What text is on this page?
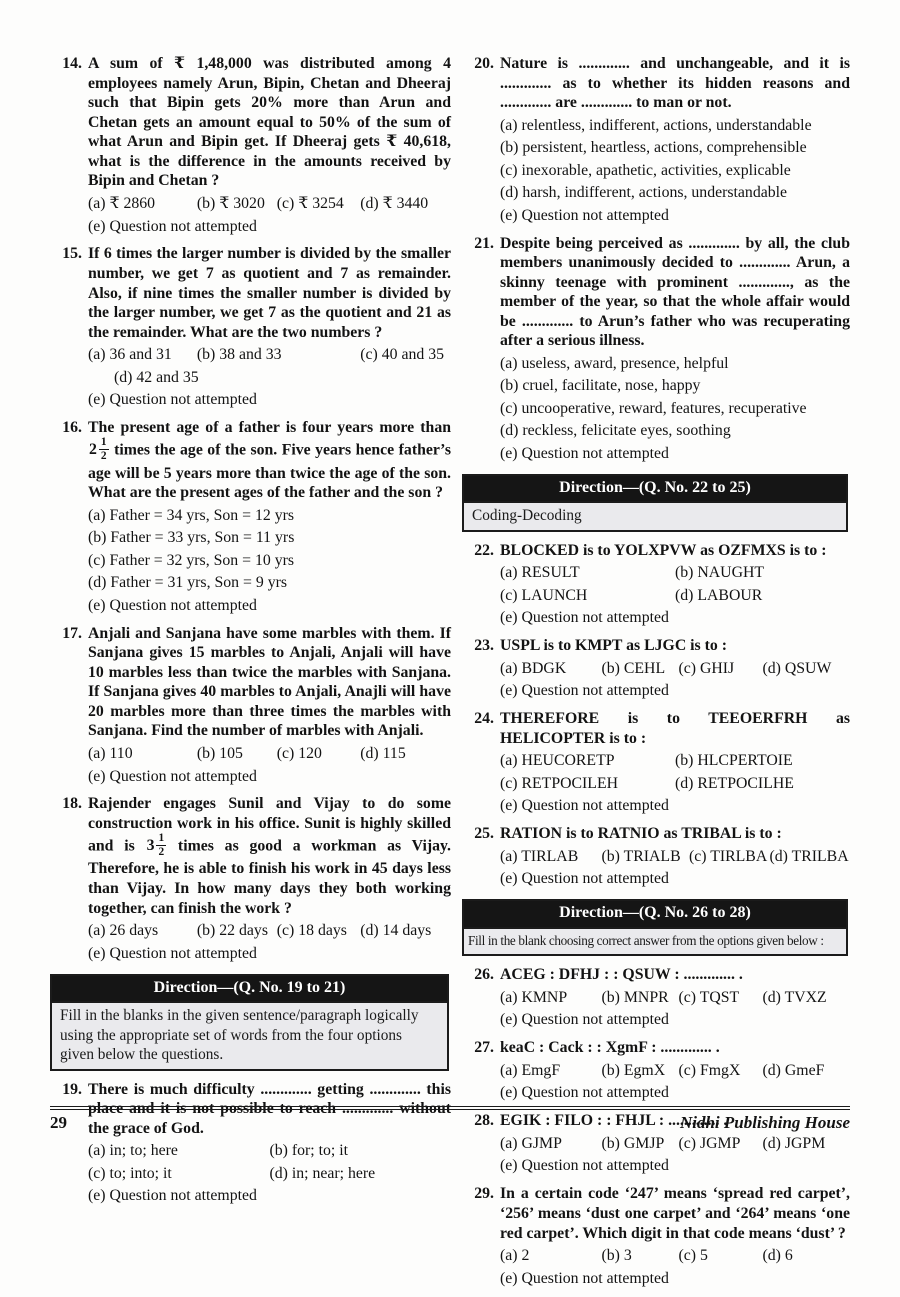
14. A sum of ₹ 1,48,000 was distributed among 4 employees namely Arun, Bipin, Chetan and Dheeraj such that Bipin gets 20% more than Arun and Chetan gets an amount equal to 50% of the sum of what Arun and Bipin get. If Dheeraj gets ₹ 40,618, what is the difference in the amounts received by Bipin and Chetan ?
(a) ₹ 2860	(b) ₹ 3020 (c) ₹ 3254	(d) ₹ 3440
(e) Question not attempted
15. If 6 times the larger number is divided by the smaller number, we get 7 as quotient and 7 as remainder. Also, if nine times the smaller number is divided by the larger number, we get 7 as the quotient and 21 as the remainder. What are the two numbers ?
(a) 36 and 31	(b) 38 and 33	(c) 40 and 35
(d) 42 and 35
(e) Question not attempted
16. The present age of a father is four years more than
$2 \frac{1}{2}$ times the age of the son. Five years hence father’s age will be 5 years more than twice the age of the son. What are the present ages of the father and the son ?
(a) Father = 34 yrs, Son = 12 yrs
(b) Father = 33 yrs, Son = 11 yrs
(c) Father = 32 yrs, Son = 10 yrs
(d) Father = 31 yrs, Son = 9 yrs
(e) Question not attempted
17. Anjali and Sanjana have some marbles with them. If Sanjana gives 15 marbles to Anjali, Anjali will have 10 marbles less than twice the marbles with Sanjana. If Sanjana gives 40 marbles to Anjali, Anajli will have 20 marbles more than three times the marbles with Sanjana. Find the number of marbles with Anjali.
(a) 110	(b) 105	(c) 120	(d) 115
(e) Question not attempted
18. Rajender engages Sunil and Vijay to do some construction work in his office. Sunit is highly skilled and is $3 \frac{1}{2}$ times as good a workman as Vijay. Therefore, he is able to finish his work in 45 days less than Vijay. In how many days they both working together, can finish the work ?
(a) 26 days	(b) 22 days (c) 18 days (d) 14 days
(e) Question not attempted
Direction—(Q. No. 19 to 21)
Fill in the blanks in the given sentence/paragraph logically using the appropriate set of words from the four options given below the questions.
19. There is much difficulty ............. getting ............. this place and it is not possible to reach ............. without the grace of God.
(a) in; to; here	(b) for; to; it
(c) to; into; it	(d) in; near; here
(e) Question not attempted
20. Nature is ............. and unchangeable, and it is ............. as to whether its hidden reasons and ............. are ............. to man or not.
(a) relentless, indifferent, actions, understandable
(b) persistent, heartless, actions, comprehensible
(c) inexorable, apathetic, activities, explicable
(d) harsh, indifferent, actions, understandable
(e) Question not attempted
21. Despite being perceived as ............. by all, the club members unanimously decided to ............. Arun, a skinny teenage with prominent ............., as the member of the year, so that the whole affair would be ............. to Arun’s father who was recuperating after a serious illness.
(a) useless, award, presence, helpful
(b) cruel, facilitate, nose, happy
(c) uncooperative, reward, features, recuperative
(d) reckless, felicitate eyes, soothing
(e) Question not attempted
Direction—(Q. No. 22 to 25)
Coding-Decoding
22. BLOCKED is to YOLXPVW as OZFMXS is to :
(a) RESULT	(b) NAUGHT
(c) LAUNCH	(d) LABOUR
(e) Question not attempted
23. USPL is to KMPT as LJGC is to :
(a) BDGK	(b) CEHL (c) GHIJ	(d) QSUW
(e) Question not attempted
24. THEREFORE is to TEEOERFRH as HELICOPTER is to :
(a) HEUCORETP	(b) HLCPERTOIE
(c) RETPOCILEH	(d) RETPOCILHE
(e) Question not attempted
25. RATION is to RATNIO as TRIBAL is to :
(a) TIRLAB	(b) TRIALB (c) TIRLBA (d) TRILBA
(e) Question not attempted
Direction—(Q. No. 26 to 28)
Fill in the blank choosing correct answer from the options given below :
26. ACEG : DFHJ : : QSUW : ............. .
(a) KMNP	(b) MNPR (c) TQST	(d) TVXZ
(e) Question not attempted
27. keaC : Cack : : XgmF : ............. .
(a) EmgF	(b) EgmX (c) FmgX	(d) GmeF
(e) Question not attempted
28. EGIK : FILO : : FHJL : ............. .
(a) GJMP	(b) GMJP (c) JGMP	(d) JGPM
(e) Question not attempted
29. In a certain code ‘247’ means ‘spread red carpet’, ‘256’ means ‘dust one carpet’ and ‘264’ means ‘one red carpet’. Which digit in that code means ‘dust’ ?
(a) 2	(b) 3	(c) 5	(d) 6
(e) Question not attempted
29	Nidhi Publishing House
